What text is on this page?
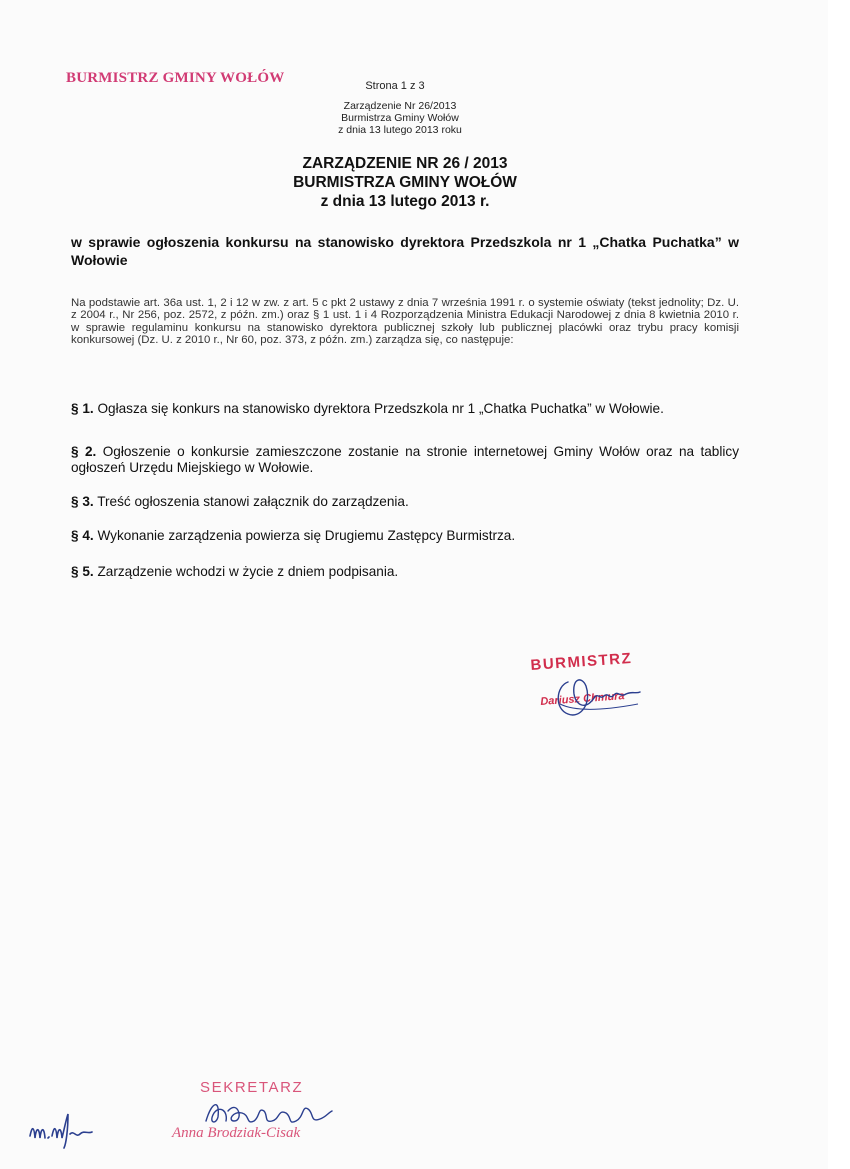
BURMISTRZ GMINY WOŁÓW	Strona 1 z 3
Zarządzenie Nr 26/2013
Burmistrza Gminy Wołów
z dnia 13 lutego 2013 roku
ZARZĄDZENIE NR 26 / 2013
BURMISTRZA GMINY WOŁÓW
z dnia 13 lutego 2013 r.
w sprawie ogłoszenia konkursu na stanowisko dyrektora Przedszkola nr 1 „Chatka Puchatka” w Wołowie
Na podstawie art. 36a ust. 1, 2 i 12 w zw. z art. 5 c pkt 2 ustawy z dnia 7 września 1991 r. o systemie oświaty (tekst jednolity; Dz. U. z 2004 r., Nr 256, poz. 2572, z późn. zm.) oraz § 1 ust. 1 i 4 Rozporządzenia Ministra Edukacji Narodowej z dnia 8 kwietnia 2010 r. w sprawie regulaminu konkursu na stanowisko dyrektora publicznej szkoły lub publicznej placówki oraz trybu pracy komisji konkursowej (Dz. U. z 2010 r., Nr 60, poz. 373, z późn. zm.) zarządza się, co następuje:
§ 1. Ogłasza się konkurs na stanowisko dyrektora Przedszkola nr 1 „Chatka Puchatka” w Wołowie.
§ 2. Ogłoszenie o konkursie zamieszczone zostanie na stronie internetowej Gminy Wołów oraz na tablicy ogłoszeń Urzędu Miejskiego w Wołowie.
§ 3. Treść ogłoszenia stanowi załącznik do zarządzenia.
§ 4. Wykonanie zarządzenia powierza się Drugiemu Zastępcy Burmistrza.
§ 5. Zarządzenie wchodzi w życie z dniem podpisania.
BURMISTRZ
Dariusz Chmura
SEKRETARZ
Anna Brodziak-Cisak
